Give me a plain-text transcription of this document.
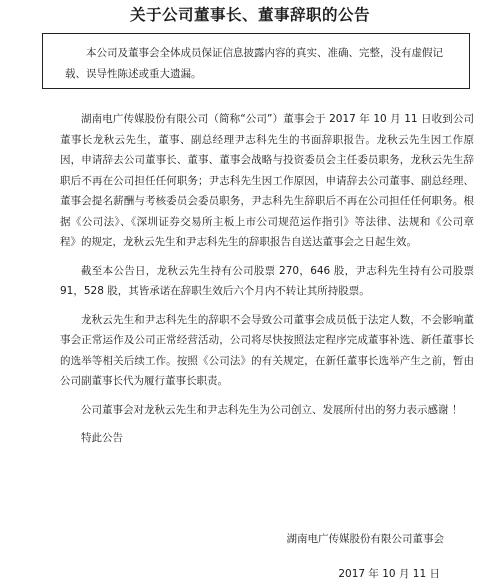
关于公司董事长、董事辞职的公告

本公司及董事会全体成员保证信息披露内容的真实、准确、完整，没有虚假记载、误导性陈述或重大遗漏。

湖南电广传媒股份有限公司（简称“公司”）董事会于 2017 年 10 月 11 日收到公司董事长龙秋云先生，董事、副总经理尹志科先生的书面辞职报告。龙秋云先生因工作原因，申请辞去公司董事长、董事、董事会战略与投资委员会主任委员职务，龙秋云先生辞职后不再在公司担任任何职务；尹志科先生因工作原因，申请辞去公司董事、副总经理、董事会提名薪酬与考核委员会委员职务，尹志科先生辞职后不再在公司担任任何职务。根据《公司法》、《深圳证券交易所主板上市公司规范运作指引》等法律、法规和《公司章程》的规定，龙秋云先生和尹志科先生的辞职报告自送达董事会之日起生效。

截至本公告日，龙秋云先生持有公司股票 270，646 股，尹志科先生持有公司股票 91，528 股，其皆承诺在辞职生效后六个月内不转让其所持股票。

龙秋云先生和尹志科先生的辞职不会导致公司董事会成员低于法定人数，不会影响董事会正常运作及公司正常经营活动，公司将尽快按照法定程序完成董事补选、新任董事长的选举等相关后续工作。按照《公司法》的有关规定，在新任董事长选举产生之前，暂由公司副董事长代为履行董事长职责。

公司董事会对龙秋云先生和尹志科先生为公司创立、发展所付出的努力表示感谢 ！

特此公告

湖南电广传媒股份有限公司董事会
2017 年 10 月 11 日
